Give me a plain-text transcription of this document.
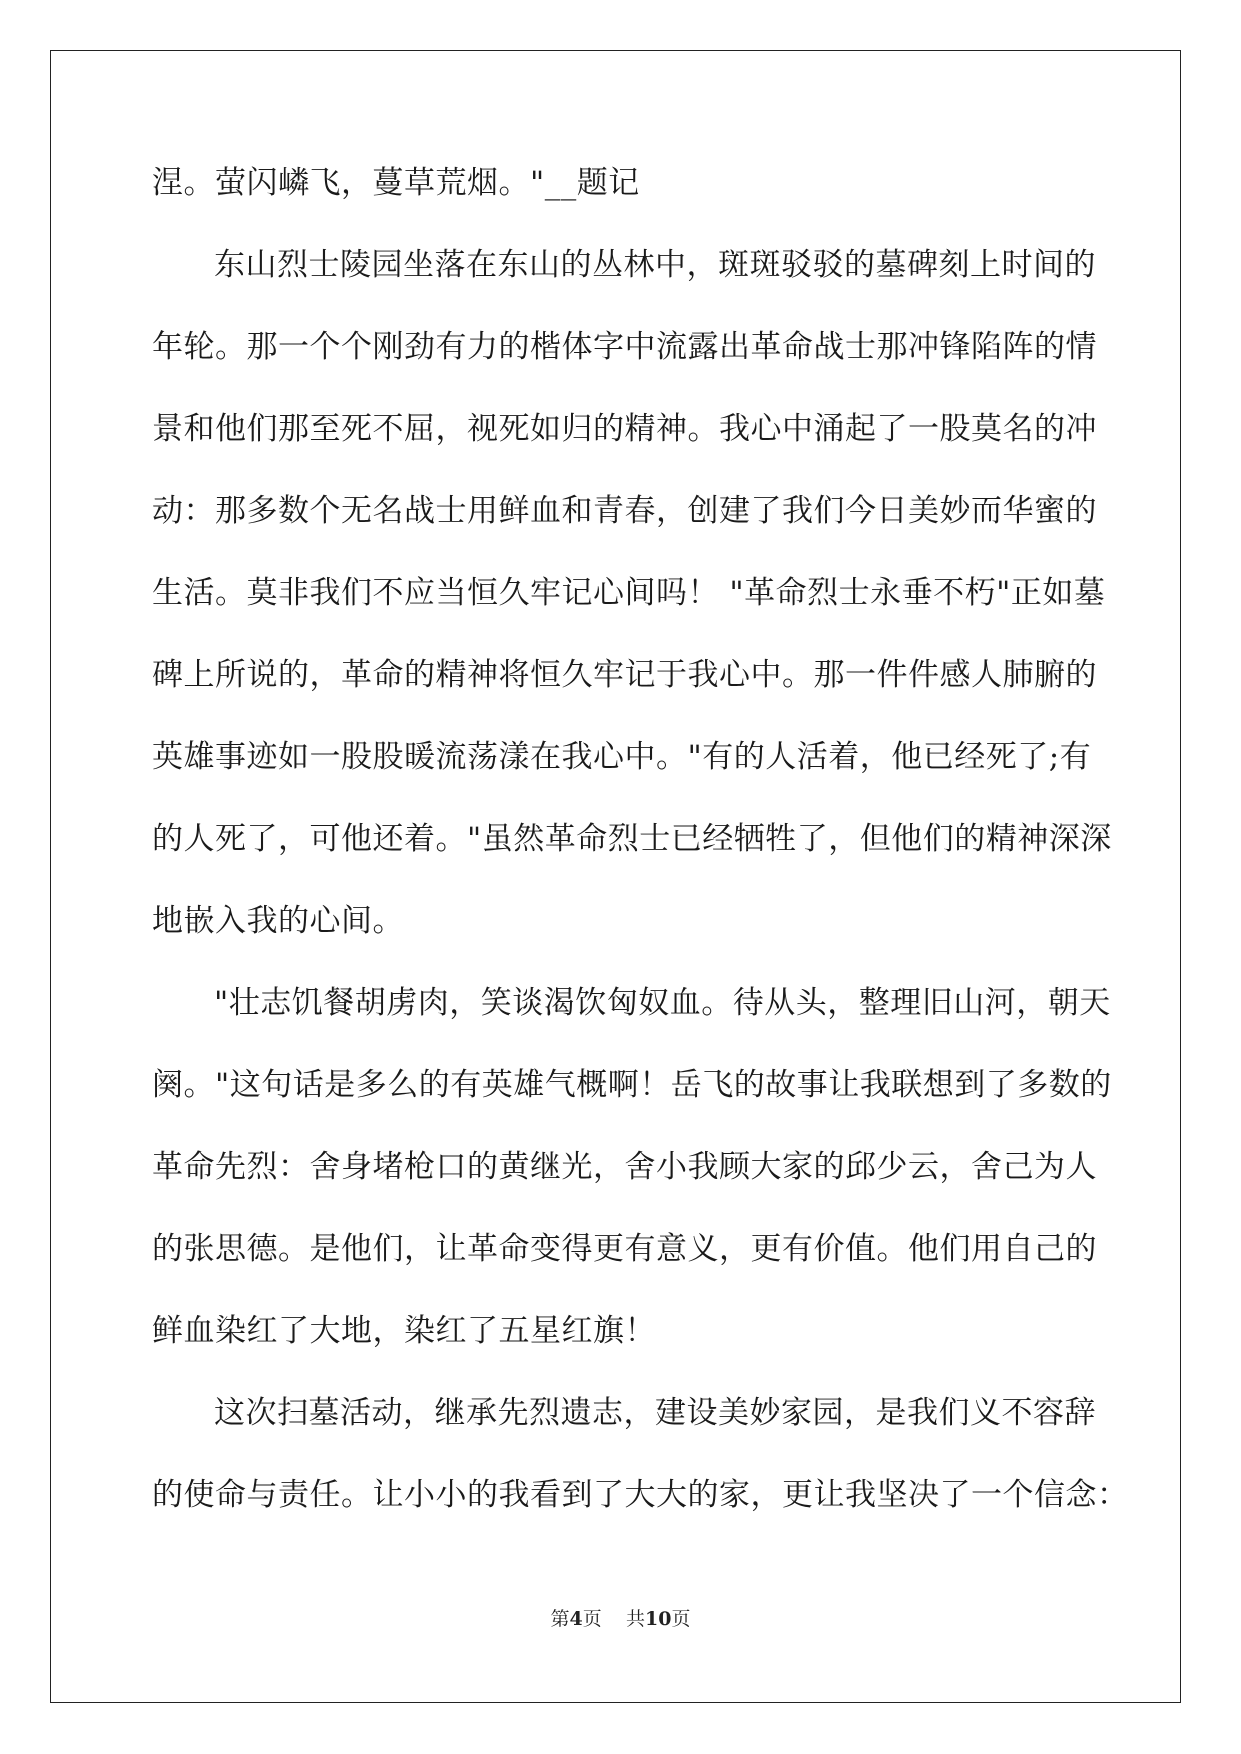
涅。萤闪嶙飞，蔓草荒烟。"__题记
东山烈士陵园坐落在东山的丛林中，斑斑驳驳的墓碑刻上时间的
年轮。那一个个刚劲有力的楷体字中流露出革命战士那冲锋陷阵的情
景和他们那至死不屈，视死如归的精神。我心中涌起了一股莫名的冲
动：那多数个无名战士用鲜血和青春，创建了我们今日美妙而华蜜的
生活。莫非我们不应当恒久牢记心间吗！ "革命烈士永垂不朽"正如墓
碑上所说的，革命的精神将恒久牢记于我心中。那一件件感人肺腑的
英雄事迹如一股股暖流荡漾在我心中。"有的人活着，他已经死了;有
的人死了，可他还着。"虽然革命烈士已经牺牲了，但他们的精神深深
地嵌入我的心间。
"壮志饥餐胡虏肉，笑谈渴饮匈奴血。待从头，整理旧山河，朝天
阕。"这句话是多么的有英雄气概啊！岳飞的故事让我联想到了多数的
革命先烈：舍身堵枪口的黄继光，舍小我顾大家的邱少云，舍己为人
的张思德。是他们，让革命变得更有意义，更有价值。他们用自己的
鲜血染红了大地，染红了五星红旗！
这次扫墓活动，继承先烈遗志，建设美妙家园，是我们义不容辞
的使命与责任。让小小的我看到了大大的家，更让我坚决了一个信念：
第4页 共10页
